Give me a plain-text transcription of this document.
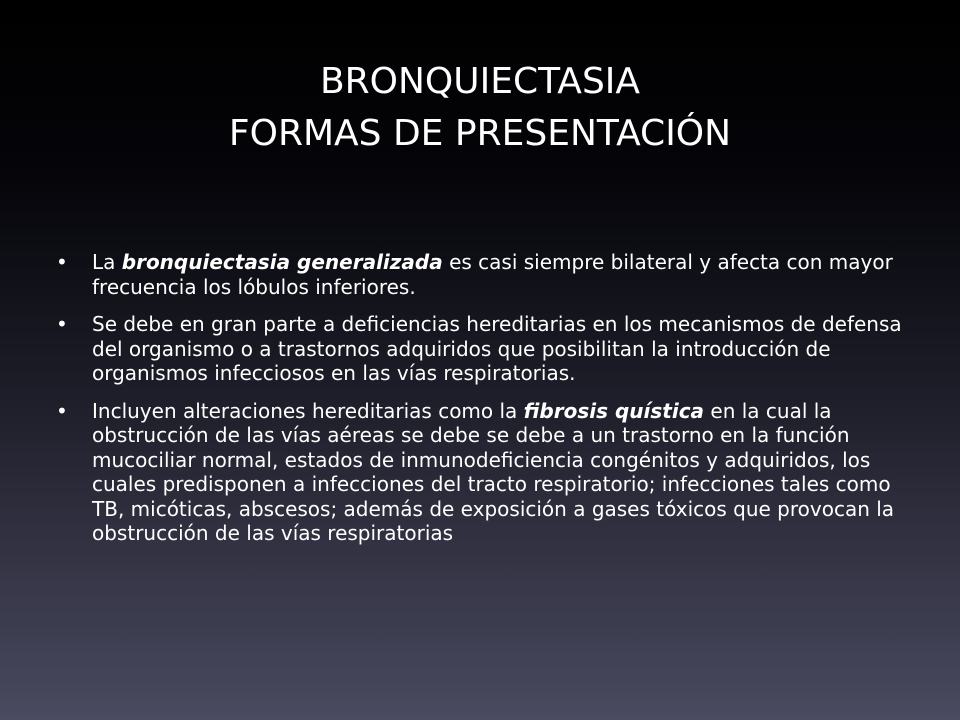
BRONQUIECTASIA
FORMAS DE PRESENTACIÓN
• La bronquiectasia generalizada es casi siempre bilateral y afecta con mayor frecuencia los lóbulos inferiores.
• Se debe en gran parte a deficiencias hereditarias en los mecanismos de defensa del organismo o a trastornos adquiridos que posibilitan la introducción de organismos infecciosos en las vías respiratorias.
• Incluyen alteraciones hereditarias como la fibrosis quística en la cual la obstrucción de las vías aéreas se debe se debe a un trastorno en la función mucociliar normal, estados de inmunodeficiencia congénitos y adquiridos, los cuales predisponen a infecciones del tracto respiratorio; infecciones tales como TB, micóticas, abscesos; además de exposición a gases tóxicos que provocan la obstrucción de las vías respiratorias
